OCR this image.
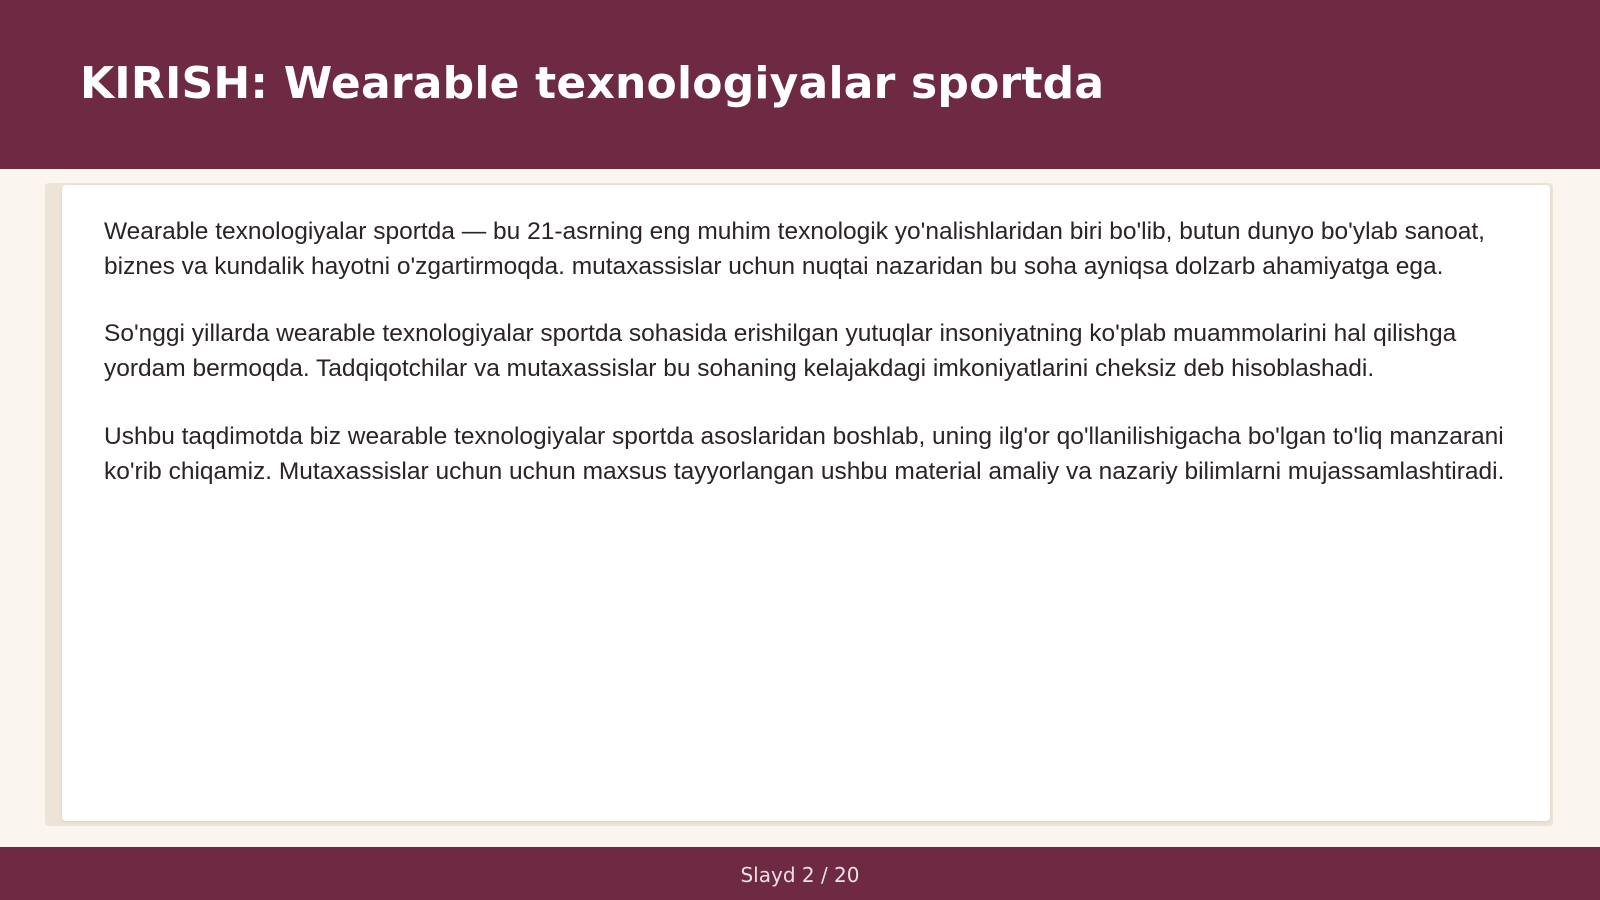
KIRISH: Wearable texnologiyalar sportda

Wearable texnologiyalar sportda — bu 21-asrning eng muhim texnologik yo'nalishlaridan biri bo'lib, butun dunyo bo'ylab sanoat, biznes va kundalik hayotni o'zgartirmoqda. mutaxassislar uchun nuqtai nazaridan bu soha ayniqsa dolzarb ahamiyatga ega.

So'nggi yillarda wearable texnologiyalar sportda sohasida erishilgan yutuqlar insoniyatning ko'plab muammolarini hal qilishga yordam bermoqda. Tadqiqotchilar va mutaxassislar bu sohaning kelajakdagi imkoniyatlarini cheksiz deb hisoblashadi.

Ushbu taqdimotda biz wearable texnologiyalar sportda asoslaridan boshlab, uning ilg'or qo'llanilishigacha bo'lgan to'liq manzarani ko'rib chiqamiz. Mutaxassislar uchun uchun maxsus tayyorlangan ushbu material amaliy va nazariy bilimlarni mujassamlashtiradi.

Slayd 2 / 20
